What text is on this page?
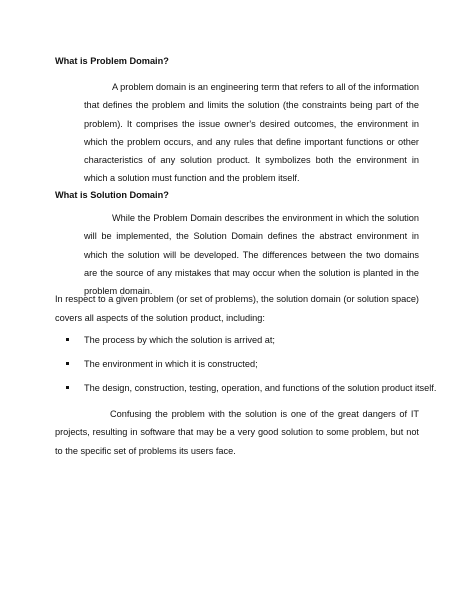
What is Problem Domain?

A problem domain is an engineering term that refers to all of the information that defines the problem and limits the solution (the constraints being part of the problem). It comprises the issue owner's desired outcomes, the environment in which the problem occurs, and any rules that define important functions or other characteristics of any solution product. It symbolizes both the environment in which a solution must function and the problem itself.

What is Solution Domain?

While the Problem Domain describes the environment in which the solution will be implemented, the Solution Domain defines the abstract environment in which the solution will be developed. The differences between the two domains are the source of any mistakes that may occur when the solution is planted in the problem domain.

In respect to a given problem (or set of problems), the solution domain (or solution space) covers all aspects of the solution product, including:

The process by which the solution is arrived at;
The environment in which it is constructed;
The design, construction, testing, operation, and functions of the solution product itself.

Confusing the problem with the solution is one of the great dangers of IT projects, resulting in software that may be a very good solution to some problem, but not to the specific set of problems its users face.
